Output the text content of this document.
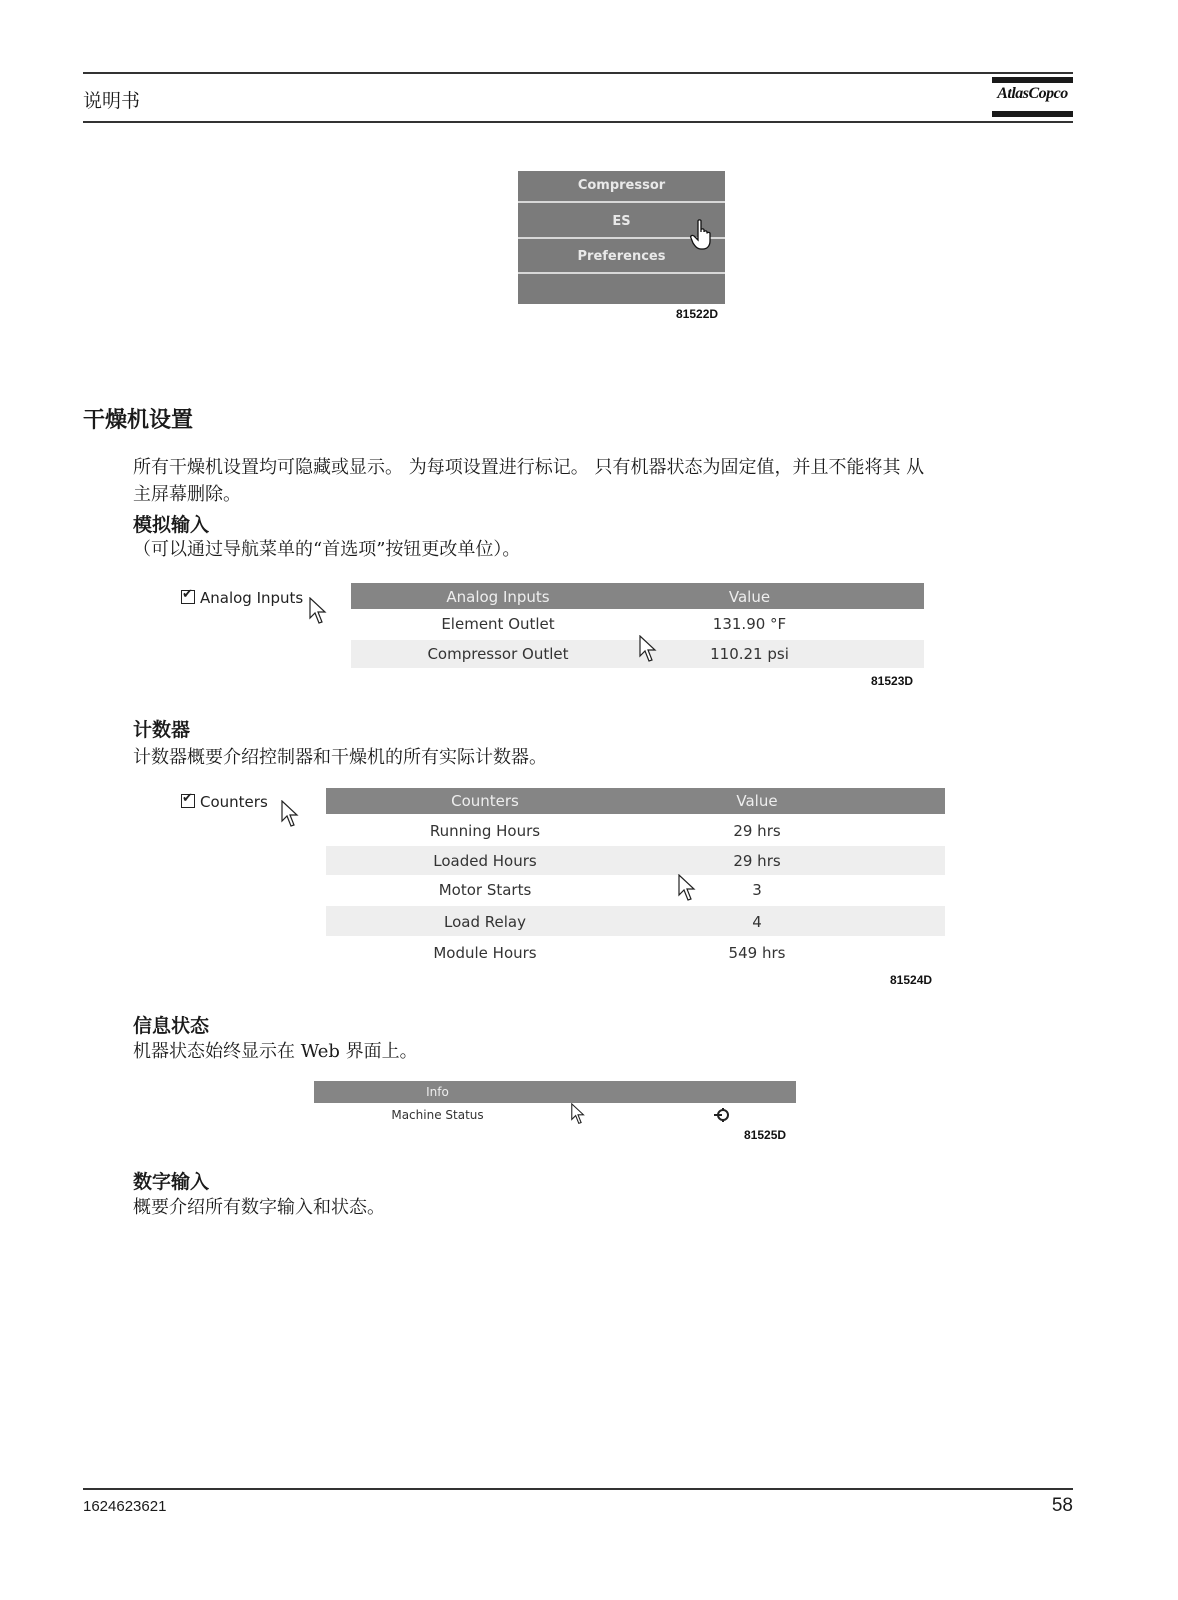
说明书	AtlasCopco
Compressor
ES
Preferences
81522D
干燥机设置
所有干燥机设置均可隐藏或显示。 为每项设置进行标记。 只有机器状态为固定值，并且不能将其 从
主屏幕删除。
模拟输入
（可以通过导航菜单的“首选项”按钮更改单位）。
✔Analog Inputs	Analog Inputs	Value
Element Outlet	131.90 °F
Compressor Outlet	110.21 psi
81523D
计数器
计数器概要介绍控制器和干燥机的所有实际计数器。
✔Counters	Counters	Value
Running Hours	29 hrs
Loaded Hours	29 hrs
Motor Starts	3
Load Relay	4
Module Hours	549 hrs
81524D
信息状态
机器状态始终显示在 Web 界面上。
Info
Machine Status
81525D
数字输入
概要介绍所有数字输入和状态。
1624623621	58
